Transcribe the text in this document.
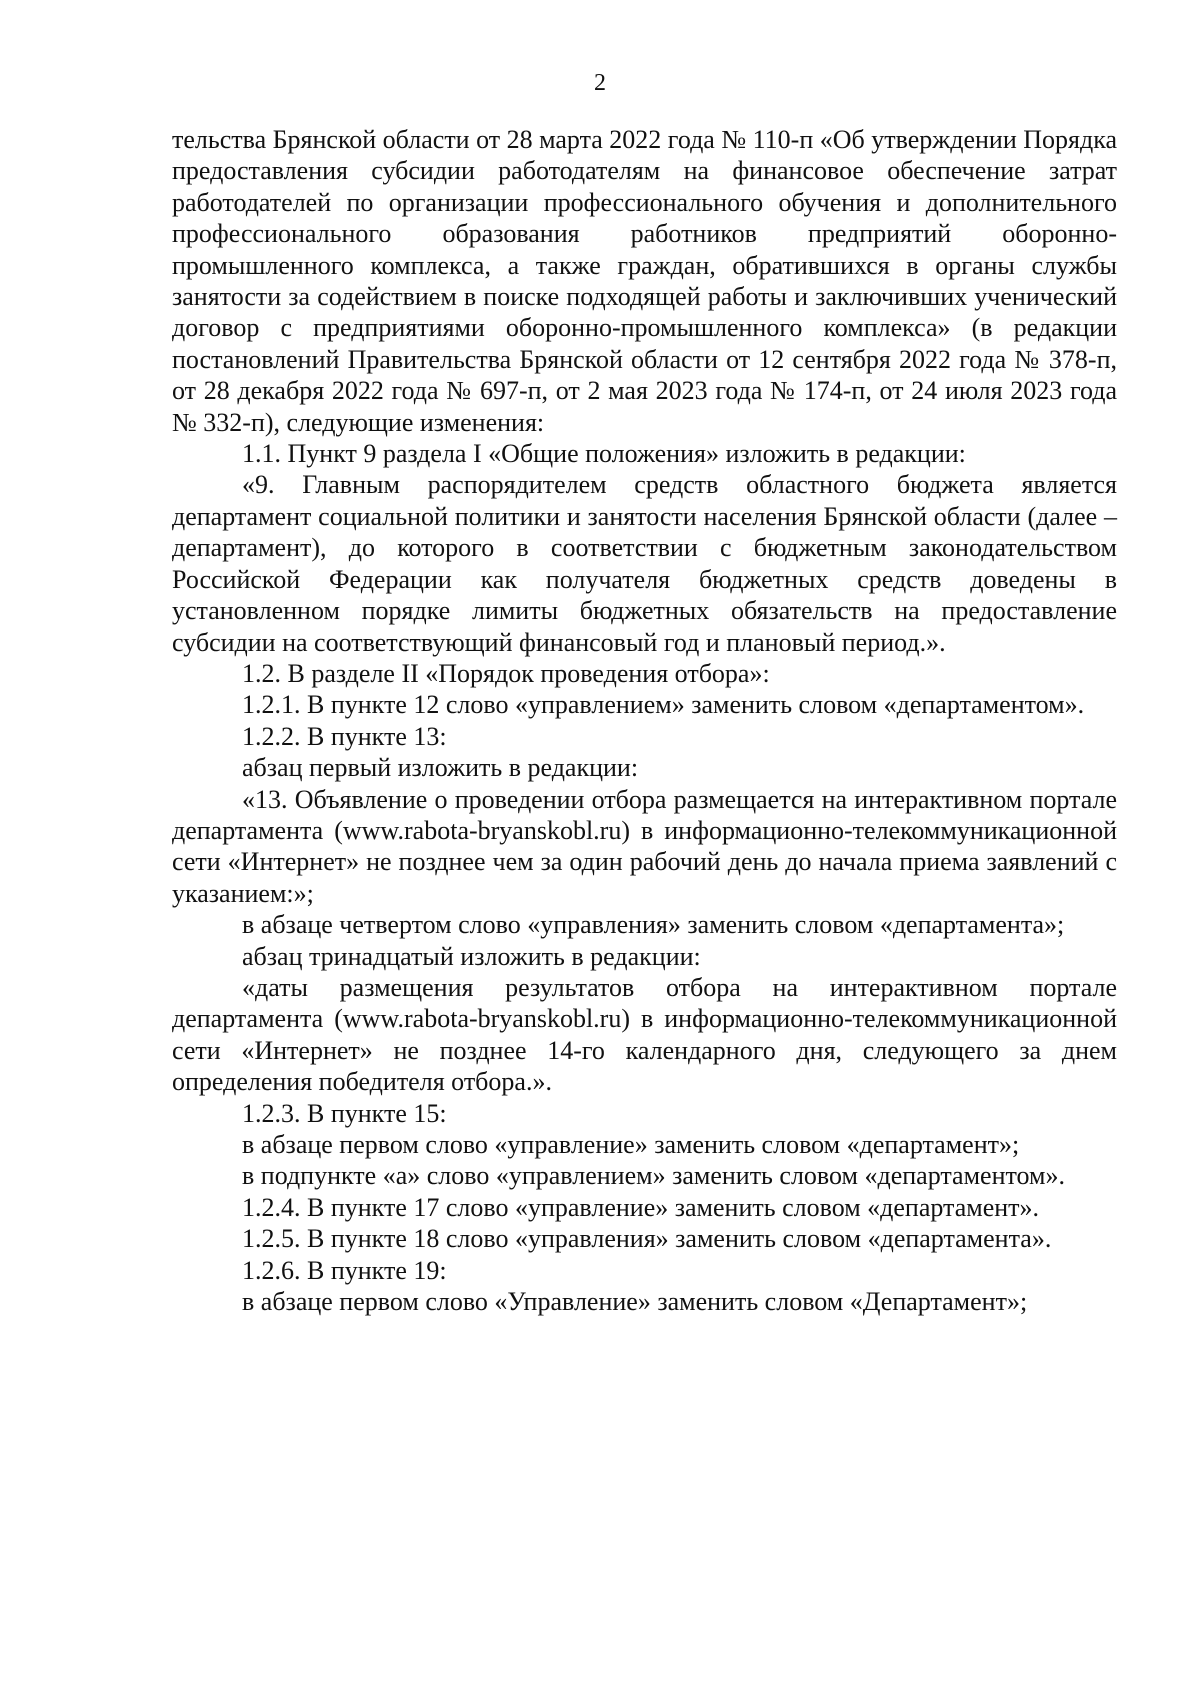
2

тельства Брянской области от 28 марта 2022 года № 110-п «Об утверждении Порядка предоставления субсидии работодателям на финансовое обеспечение затрат работодателей по организации профессионального обучения и дополнительного профессионального образования работников предприятий оборонно-промышленного комплекса, а также граждан, обратившихся в органы службы занятости за содействием в поиске подходящей работы и заключивших ученический договор с предприятиями оборонно-промышленного комплекса» (в редакции постановлений Правительства Брянской области от 12 сентября 2022 года № 378-п, от 28 декабря 2022 года № 697-п, от 2 мая 2023 года № 174-п, от 24 июля 2023 года № 332-п), следующие изменения:

1.1. Пункт 9 раздела I «Общие положения» изложить в редакции:

«9. Главным распорядителем средств областного бюджета является департамент социальной политики и занятости населения Брянской области (далее – департамент), до которого в соответствии с бюджетным законодательством Российской Федерации как получателя бюджетных средств доведены в установленном порядке лимиты бюджетных обязательств на предоставление субсидии на соответствующий финансовый год и плановый период.».

1.2. В разделе II «Порядок проведения отбора»:

1.2.1. В пункте 12 слово «управлением» заменить словом «департаментом».

1.2.2. В пункте 13:

абзац первый изложить в редакции:

«13. Объявление о проведении отбора размещается на интерактивном портале департамента (www.rabota-bryanskobl.ru) в информационно-телекоммуникационной сети «Интернет» не позднее чем за один рабочий день до начала приема заявлений с указанием:»;

в абзаце четвертом слово «управления» заменить словом «департамента»;

абзац тринадцатый изложить в редакции:

«даты размещения результатов отбора на интерактивном портале департамента (www.rabota-bryanskobl.ru) в информационно-телекоммуникационной сети «Интернет» не позднее 14-го календарного дня, следующего за днем определения победителя отбора.».

1.2.3. В пункте 15:

в абзаце первом слово «управление» заменить словом «департамент»;

в подпункте «а» слово «управлением» заменить словом «департаментом».

1.2.4. В пункте 17 слово «управление» заменить словом «департамент».

1.2.5. В пункте 18 слово «управления» заменить словом «департамента».

1.2.6. В пункте 19:

в абзаце первом слово «Управление» заменить словом «Департамент»;
